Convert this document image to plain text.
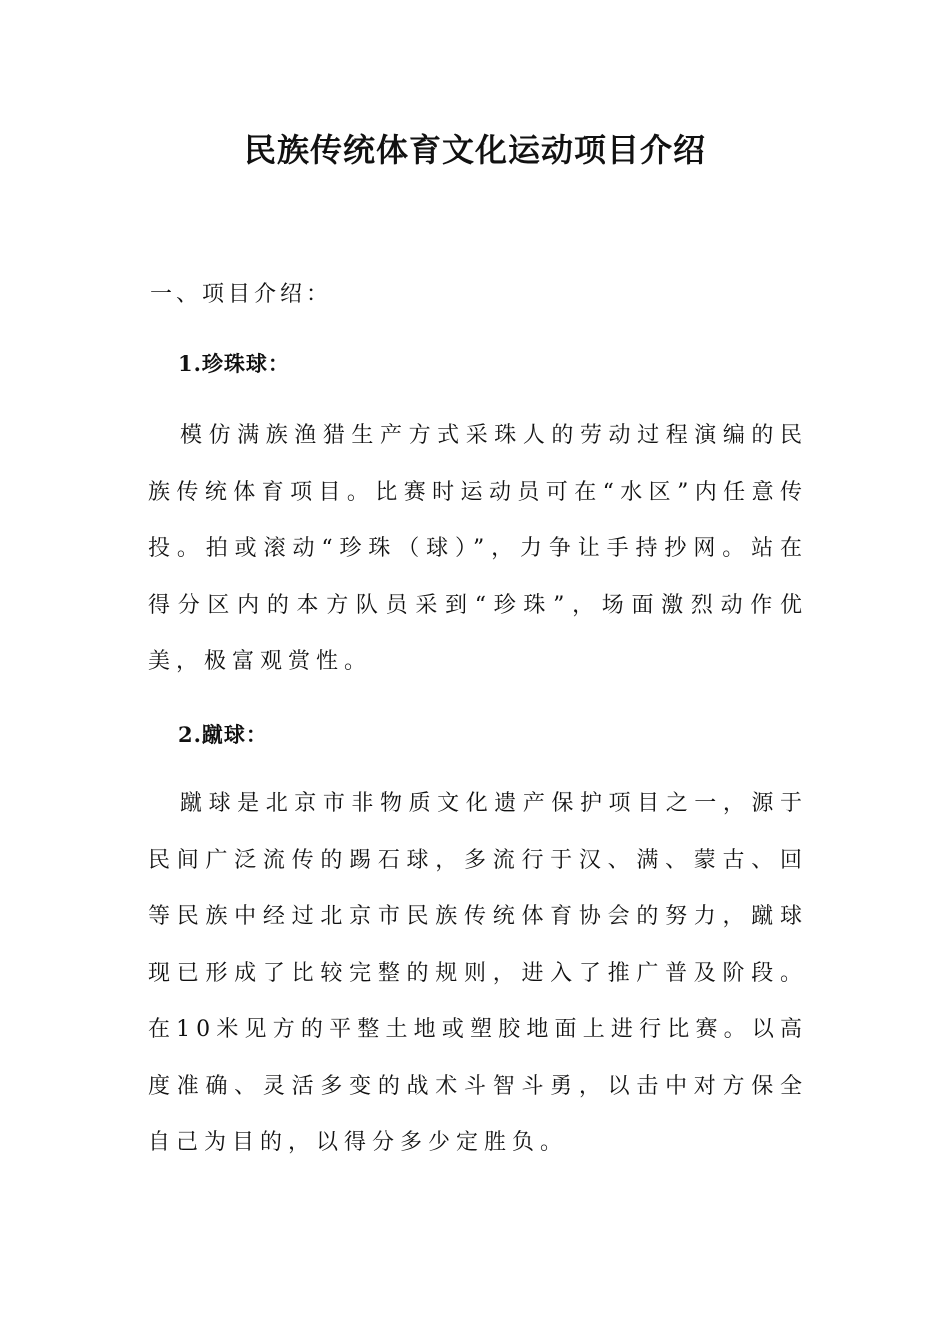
民族传统体育文化运动项目介绍

一、项目介绍：

1.珍珠球：

模仿满族渔猎生产方式采珠人的劳动过程演编的民族传统体育项目。比赛时运动员可在“水区”内任意传投。拍或滚动“珍珠（球）”，力争让手持抄网。站在得分区内的本方队员采到“珍珠”，场面激烈动作优美，极富观赏性。

2.蹴球：

蹴球是北京市非物质文化遗产保护项目之一，源于民间广泛流传的踢石球，多流行于汉、满、蒙古、回等民族中经过北京市民族传统体育协会的努力，蹴球现已形成了比较完整的规则，进入了推广普及阶段。在10米见方的平整土地或塑胶地面上进行比赛。以高度准确、灵活多变的战术斗智斗勇，以击中对方保全自己为目的，以得分多少定胜负。
